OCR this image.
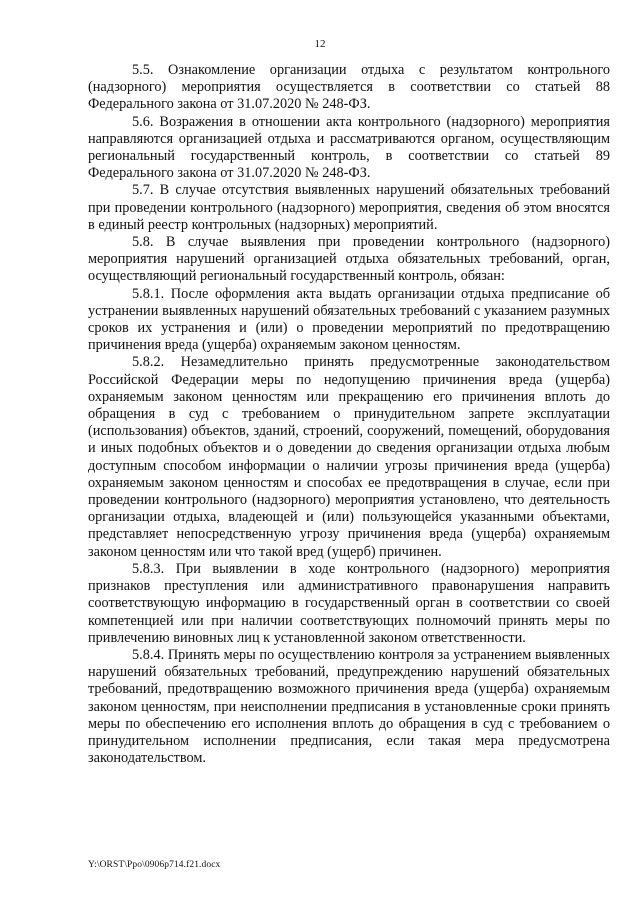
12

5.5. Ознакомление организации отдыха с результатом контрольного (надзорного) мероприятия осуществляется в соответствии со статьей 88 Федерального закона от 31.07.2020 № 248-ФЗ.

5.6. Возражения в отношении акта контрольного (надзорного) мероприятия направляются организацией отдыха и рассматриваются органом, осуществляющим региональный государственный контроль, в соответствии со статьей 89 Федерального закона от 31.07.2020 № 248-ФЗ.

5.7. В случае отсутствия выявленных нарушений обязательных требований при проведении контрольного (надзорного) мероприятия, сведения об этом вносятся в единый реестр контрольных (надзорных) мероприятий.

5.8. В случае выявления при проведении контрольного (надзорного) мероприятия нарушений организацией отдыха обязательных требований, орган, осуществляющий региональный государственный контроль, обязан:

5.8.1. После оформления акта выдать организации отдыха предписание об устранении выявленных нарушений обязательных требований с указанием разумных сроков их устранения и (или) о проведении мероприятий по предотвращению причинения вреда (ущерба) охраняемым законом ценностям.

5.8.2. Незамедлительно принять предусмотренные законодательством Российской Федерации меры по недопущению причинения вреда (ущерба) охраняемым законом ценностям или прекращению его причинения вплоть до обращения в суд с требованием о принудительном запрете эксплуатации (использования) объектов, зданий, строений, сооружений, помещений, оборудования и иных подобных объектов и о доведении до сведения организации отдыха любым доступным способом информации о наличии угрозы причинения вреда (ущерба) охраняемым законом ценностям и способах ее предотвращения в случае, если при проведении контрольного (надзорного) мероприятия установлено, что деятельность организации отдыха, владеющей и (или) пользующейся указанными объектами, представляет непосредственную угрозу причинения вреда (ущерба) охраняемым законом ценностям или что такой вред (ущерб) причинен.

5.8.3. При выявлении в ходе контрольного (надзорного) мероприятия признаков преступления или административного правонарушения направить соответствующую информацию в государственный орган в соответствии со своей компетенцией или при наличии соответствующих полномочий принять меры по привлечению виновных лиц к установленной законом ответственности.

5.8.4. Принять меры по осуществлению контроля за устранением выявленных нарушений обязательных требований, предупреждению нарушений обязательных требований, предотвращению возможного причинения вреда (ущерба) охраняемым законом ценностям, при неисполнении предписания в установленные сроки принять меры по обеспечению его исполнения вплоть до обращения в суд с требованием о принудительном исполнении предписания, если такая мера предусмотрена законодательством.

Y:\ORST\Ppo\0906p714.f21.docx
